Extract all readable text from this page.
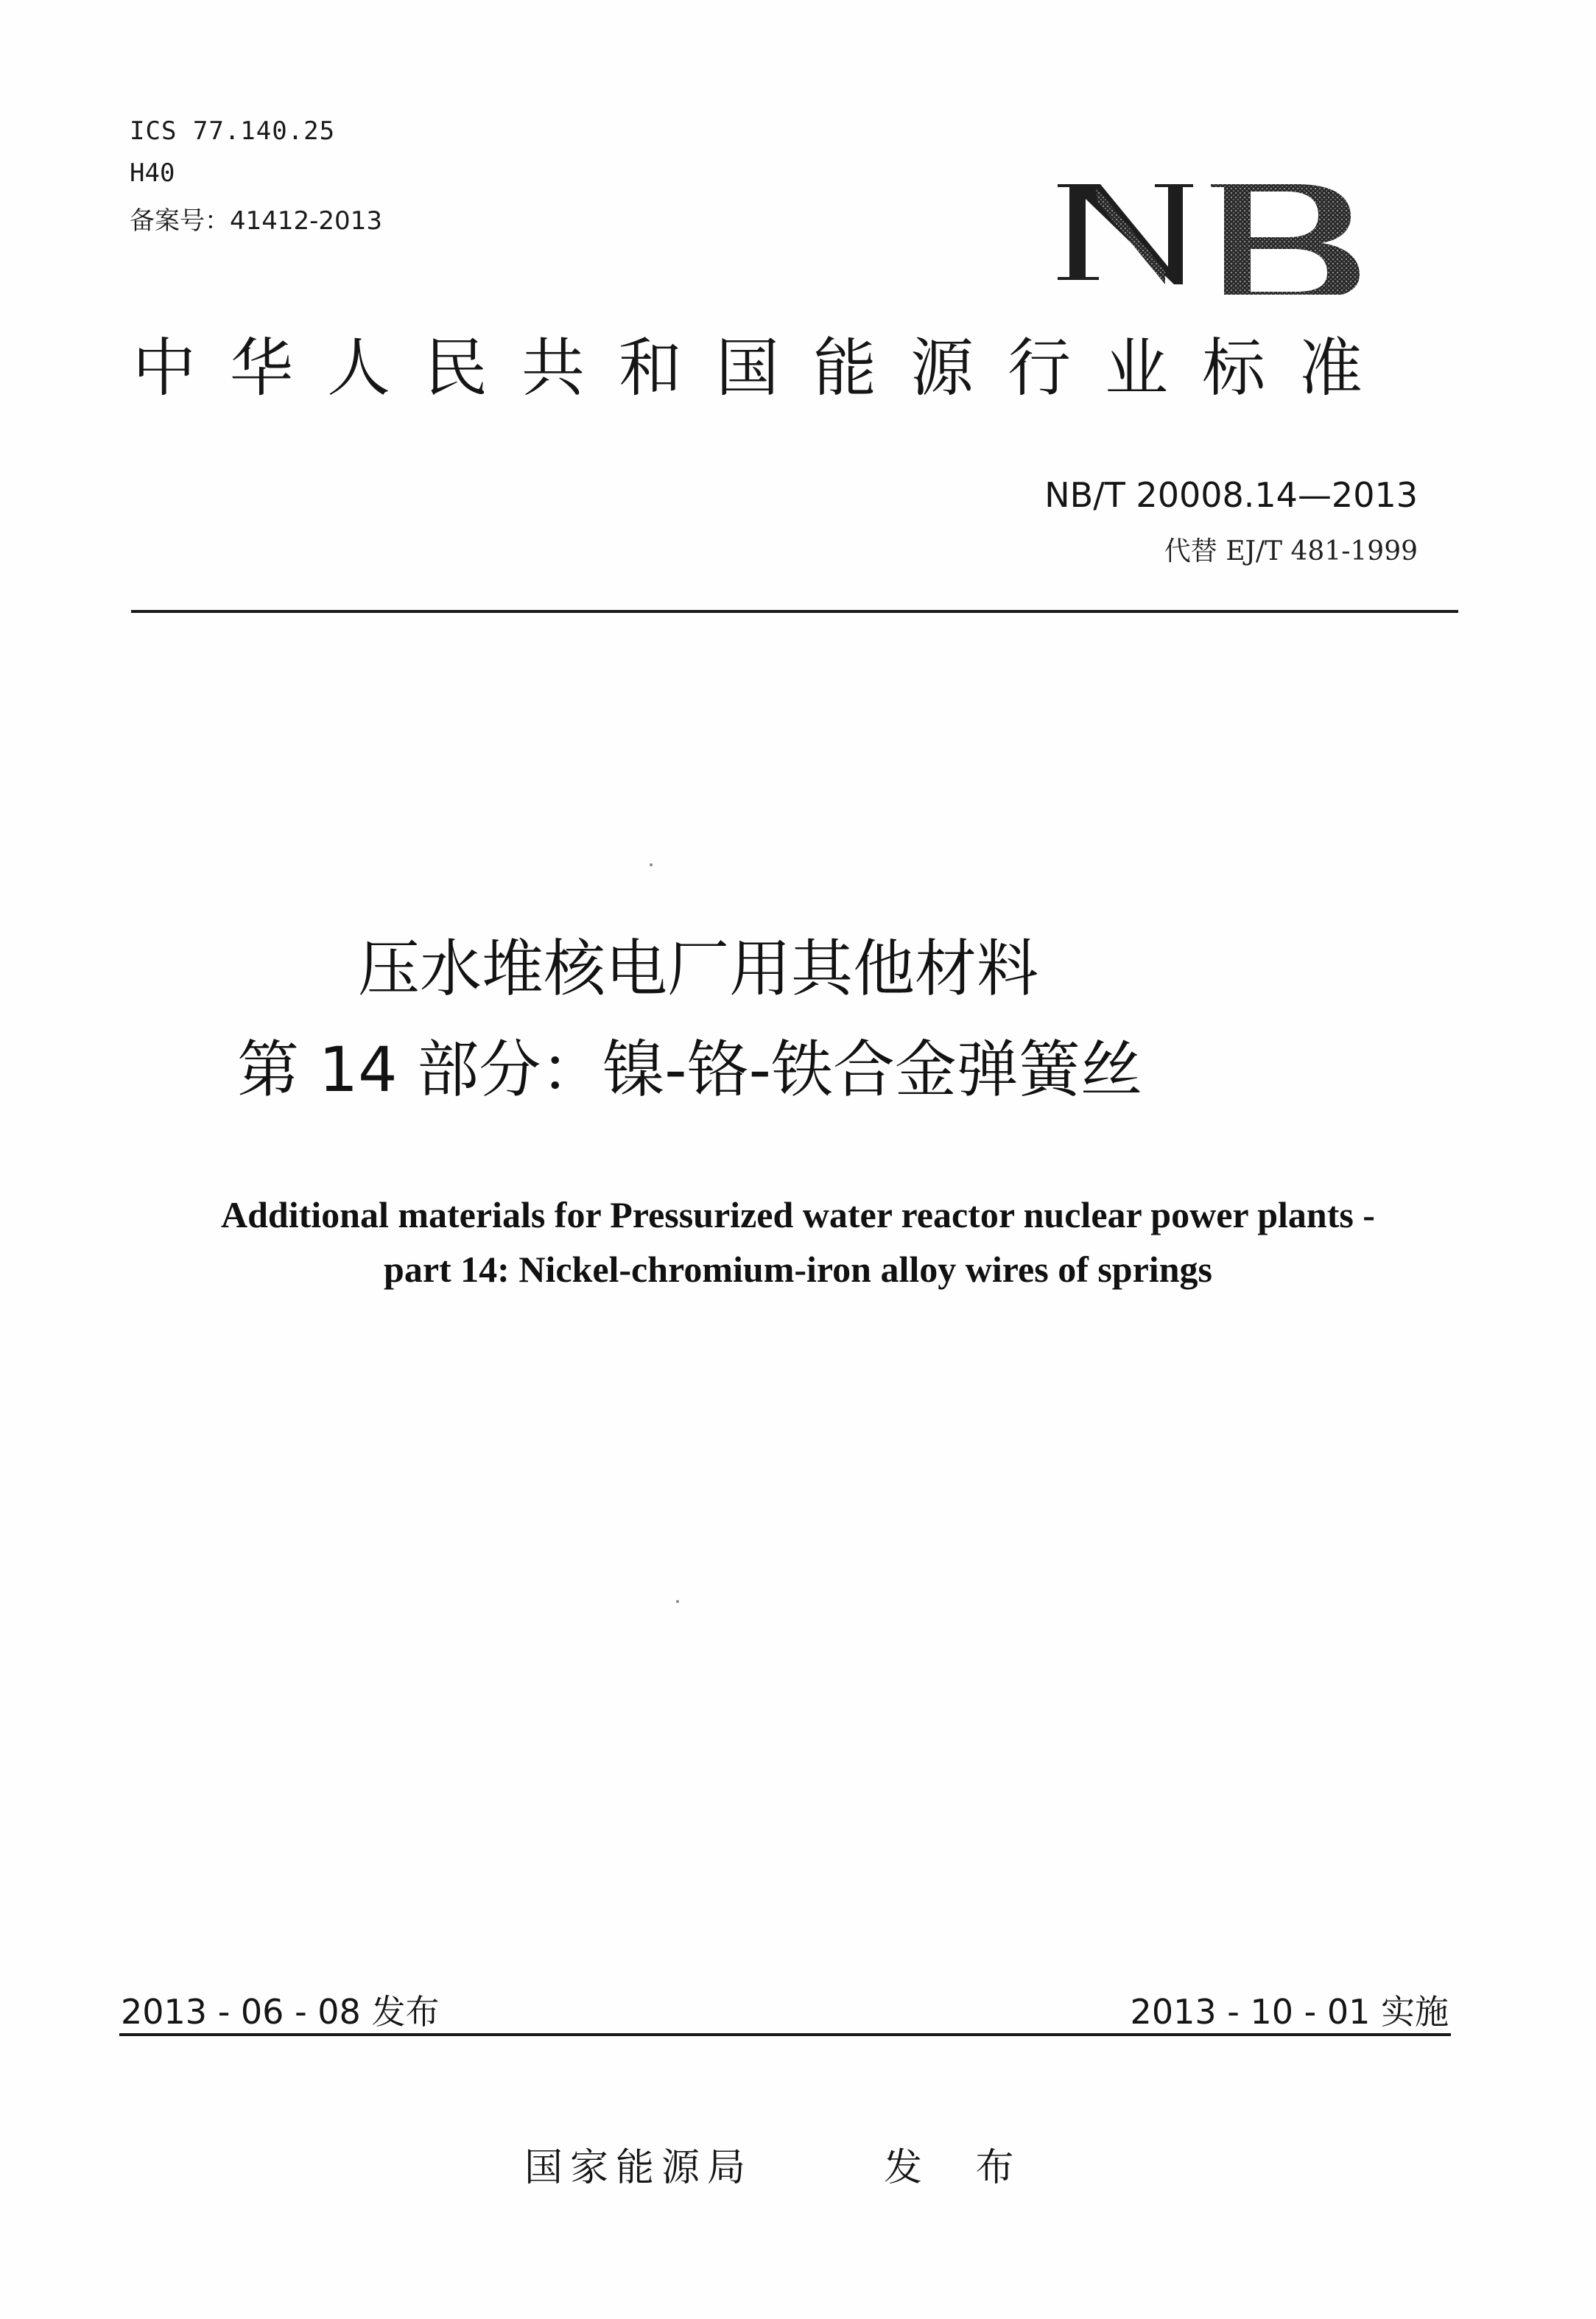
ICS 77.140.25
H40
备案号：41412-2013
中华人民共和国能源行业标准
NB/T 20008.14—2013
代替 EJ/T 481-1999
压水堆核电厂用其他材料
第 14 部分：镍-铬-铁合金弹簧丝
Additional materials for Pressurized water reactor nuclear power plants -
part 14: Nickel-chromium-iron alloy wires of springs
2013 - 06 - 08 发布	2013 - 10 - 01 实施
国家能源局	发 布
